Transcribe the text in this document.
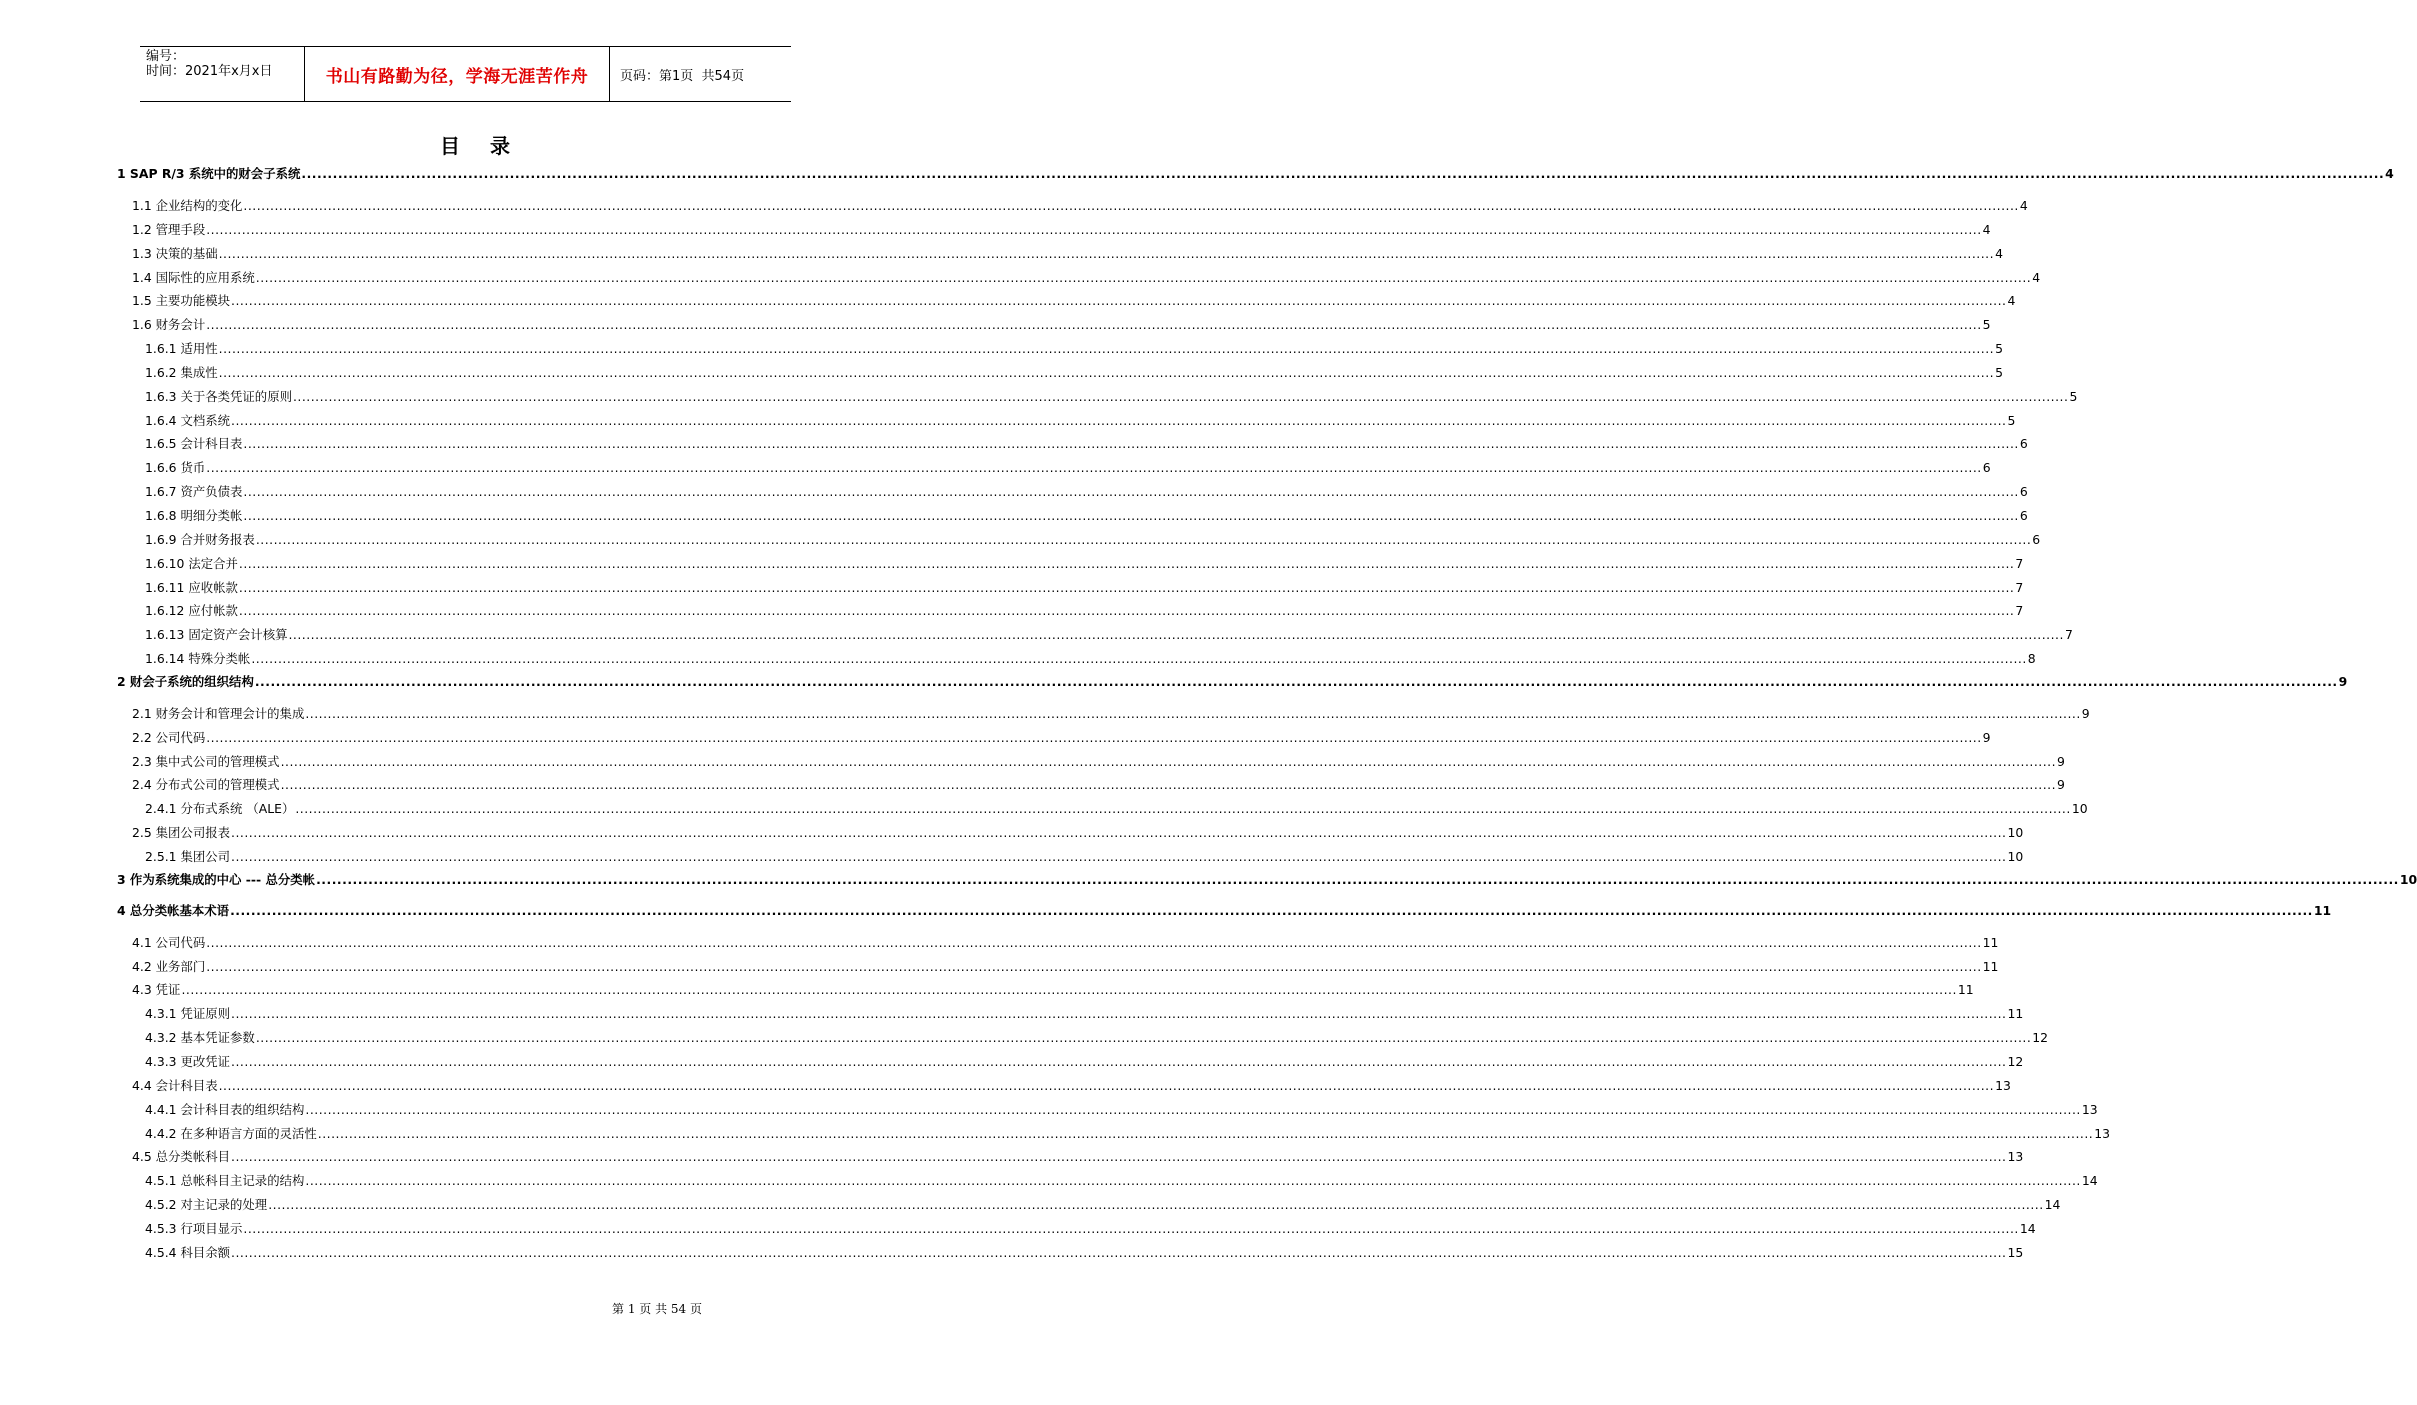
编号：
时间：2021年x月x日	书山有路勤为径，学海无涯苦作舟	页码：第1页  共54页
目录
1 SAP R/3 系统中的财会子系统 ................................................................................................................................................................................................................................................................................................................................................................................................................ 4
1.1 企业结构的变化 ................................................................................................................................................................................................................................................................................................................................................................................................................ 4
1.2 管理手段 ................................................................................................................................................................................................................................................................................................................................................................................................................ 4
1.3 决策的基础 ................................................................................................................................................................................................................................................................................................................................................................................................................ 4
1.4 国际性的应用系统 ................................................................................................................................................................................................................................................................................................................................................................................................................ 4
1.5 主要功能模块 ................................................................................................................................................................................................................................................................................................................................................................................................................ 4
1.6 财务会计 ................................................................................................................................................................................................................................................................................................................................................................................................................ 5
1.6.1 适用性 ................................................................................................................................................................................................................................................................................................................................................................................................................ 5
1.6.2 集成性 ................................................................................................................................................................................................................................................................................................................................................................................................................ 5
1.6.3 关于各类凭证的原则 ................................................................................................................................................................................................................................................................................................................................................................................................................ 5
1.6.4 文档系统 ................................................................................................................................................................................................................................................................................................................................................................................................................ 5
1.6.5 会计科目表 ................................................................................................................................................................................................................................................................................................................................................................................................................ 6
1.6.6 货币 ................................................................................................................................................................................................................................................................................................................................................................................................................ 6
1.6.7 资产负债表 ................................................................................................................................................................................................................................................................................................................................................................................................................ 6
1.6.8 明细分类帐 ................................................................................................................................................................................................................................................................................................................................................................................................................ 6
1.6.9 合并财务报表 ................................................................................................................................................................................................................................................................................................................................................................................................................ 6
1.6.10 法定合并 ................................................................................................................................................................................................................................................................................................................................................................................................................ 7
1.6.11 应收帐款 ................................................................................................................................................................................................................................................................................................................................................................................................................ 7
1.6.12 应付帐款 ................................................................................................................................................................................................................................................................................................................................................................................................................ 7
1.6.13 固定资产会计核算 ................................................................................................................................................................................................................................................................................................................................................................................................................ 7
1.6.14 特殊分类帐 ................................................................................................................................................................................................................................................................................................................................................................................................................ 8
2 财会子系统的组织结构 ................................................................................................................................................................................................................................................................................................................................................................................................................ 9
2.1 财务会计和管理会计的集成 ................................................................................................................................................................................................................................................................................................................................................................................................................ 9
2.2 公司代码 ................................................................................................................................................................................................................................................................................................................................................................................................................ 9
2.3 集中式公司的管理模式 ................................................................................................................................................................................................................................................................................................................................................................................................................ 9
2.4 分布式公司的管理模式 ................................................................................................................................................................................................................................................................................................................................................................................................................ 9
2.4.1 分布式系统 （ALE） ................................................................................................................................................................................................................................................................................................................................................................................................................ 10
2.5 集团公司报表 ................................................................................................................................................................................................................................................................................................................................................................................................................ 10
2.5.1 集团公司 ................................................................................................................................................................................................................................................................................................................................................................................................................ 10
3 作为系统集成的中心 --- 总分类帐 ................................................................................................................................................................................................................................................................................................................................................................................................................ 10
4 总分类帐基本术语 ................................................................................................................................................................................................................................................................................................................................................................................................................ 11
4.1 公司代码 ................................................................................................................................................................................................................................................................................................................................................................................................................ 11
4.2 业务部门 ................................................................................................................................................................................................................................................................................................................................................................................................................ 11
4.3 凭证 ................................................................................................................................................................................................................................................................................................................................................................................................................ 11
4.3.1 凭证原则 ................................................................................................................................................................................................................................................................................................................................................................................................................ 11
4.3.2 基本凭证参数 ................................................................................................................................................................................................................................................................................................................................................................................................................ 12
4.3.3 更改凭证 ................................................................................................................................................................................................................................................................................................................................................................................................................ 12
4.4 会计科目表 ................................................................................................................................................................................................................................................................................................................................................................................................................ 13
4.4.1 会计科目表的组织结构 ................................................................................................................................................................................................................................................................................................................................................................................................................ 13
4.4.2 在多种语言方面的灵活性 ................................................................................................................................................................................................................................................................................................................................................................................................................ 13
4.5 总分类帐科目 ................................................................................................................................................................................................................................................................................................................................................................................................................ 13
4.5.1 总帐科目主记录的结构 ................................................................................................................................................................................................................................................................................................................................................................................................................ 14
4.5.2 对主记录的处理 ................................................................................................................................................................................................................................................................................................................................................................................................................ 14
4.5.3 行项目显示 ................................................................................................................................................................................................................................................................................................................................................................................................................ 14
4.5.4 科目余额 ................................................................................................................................................................................................................................................................................................................................................................................................................ 15
第 1 页 共 54 页
